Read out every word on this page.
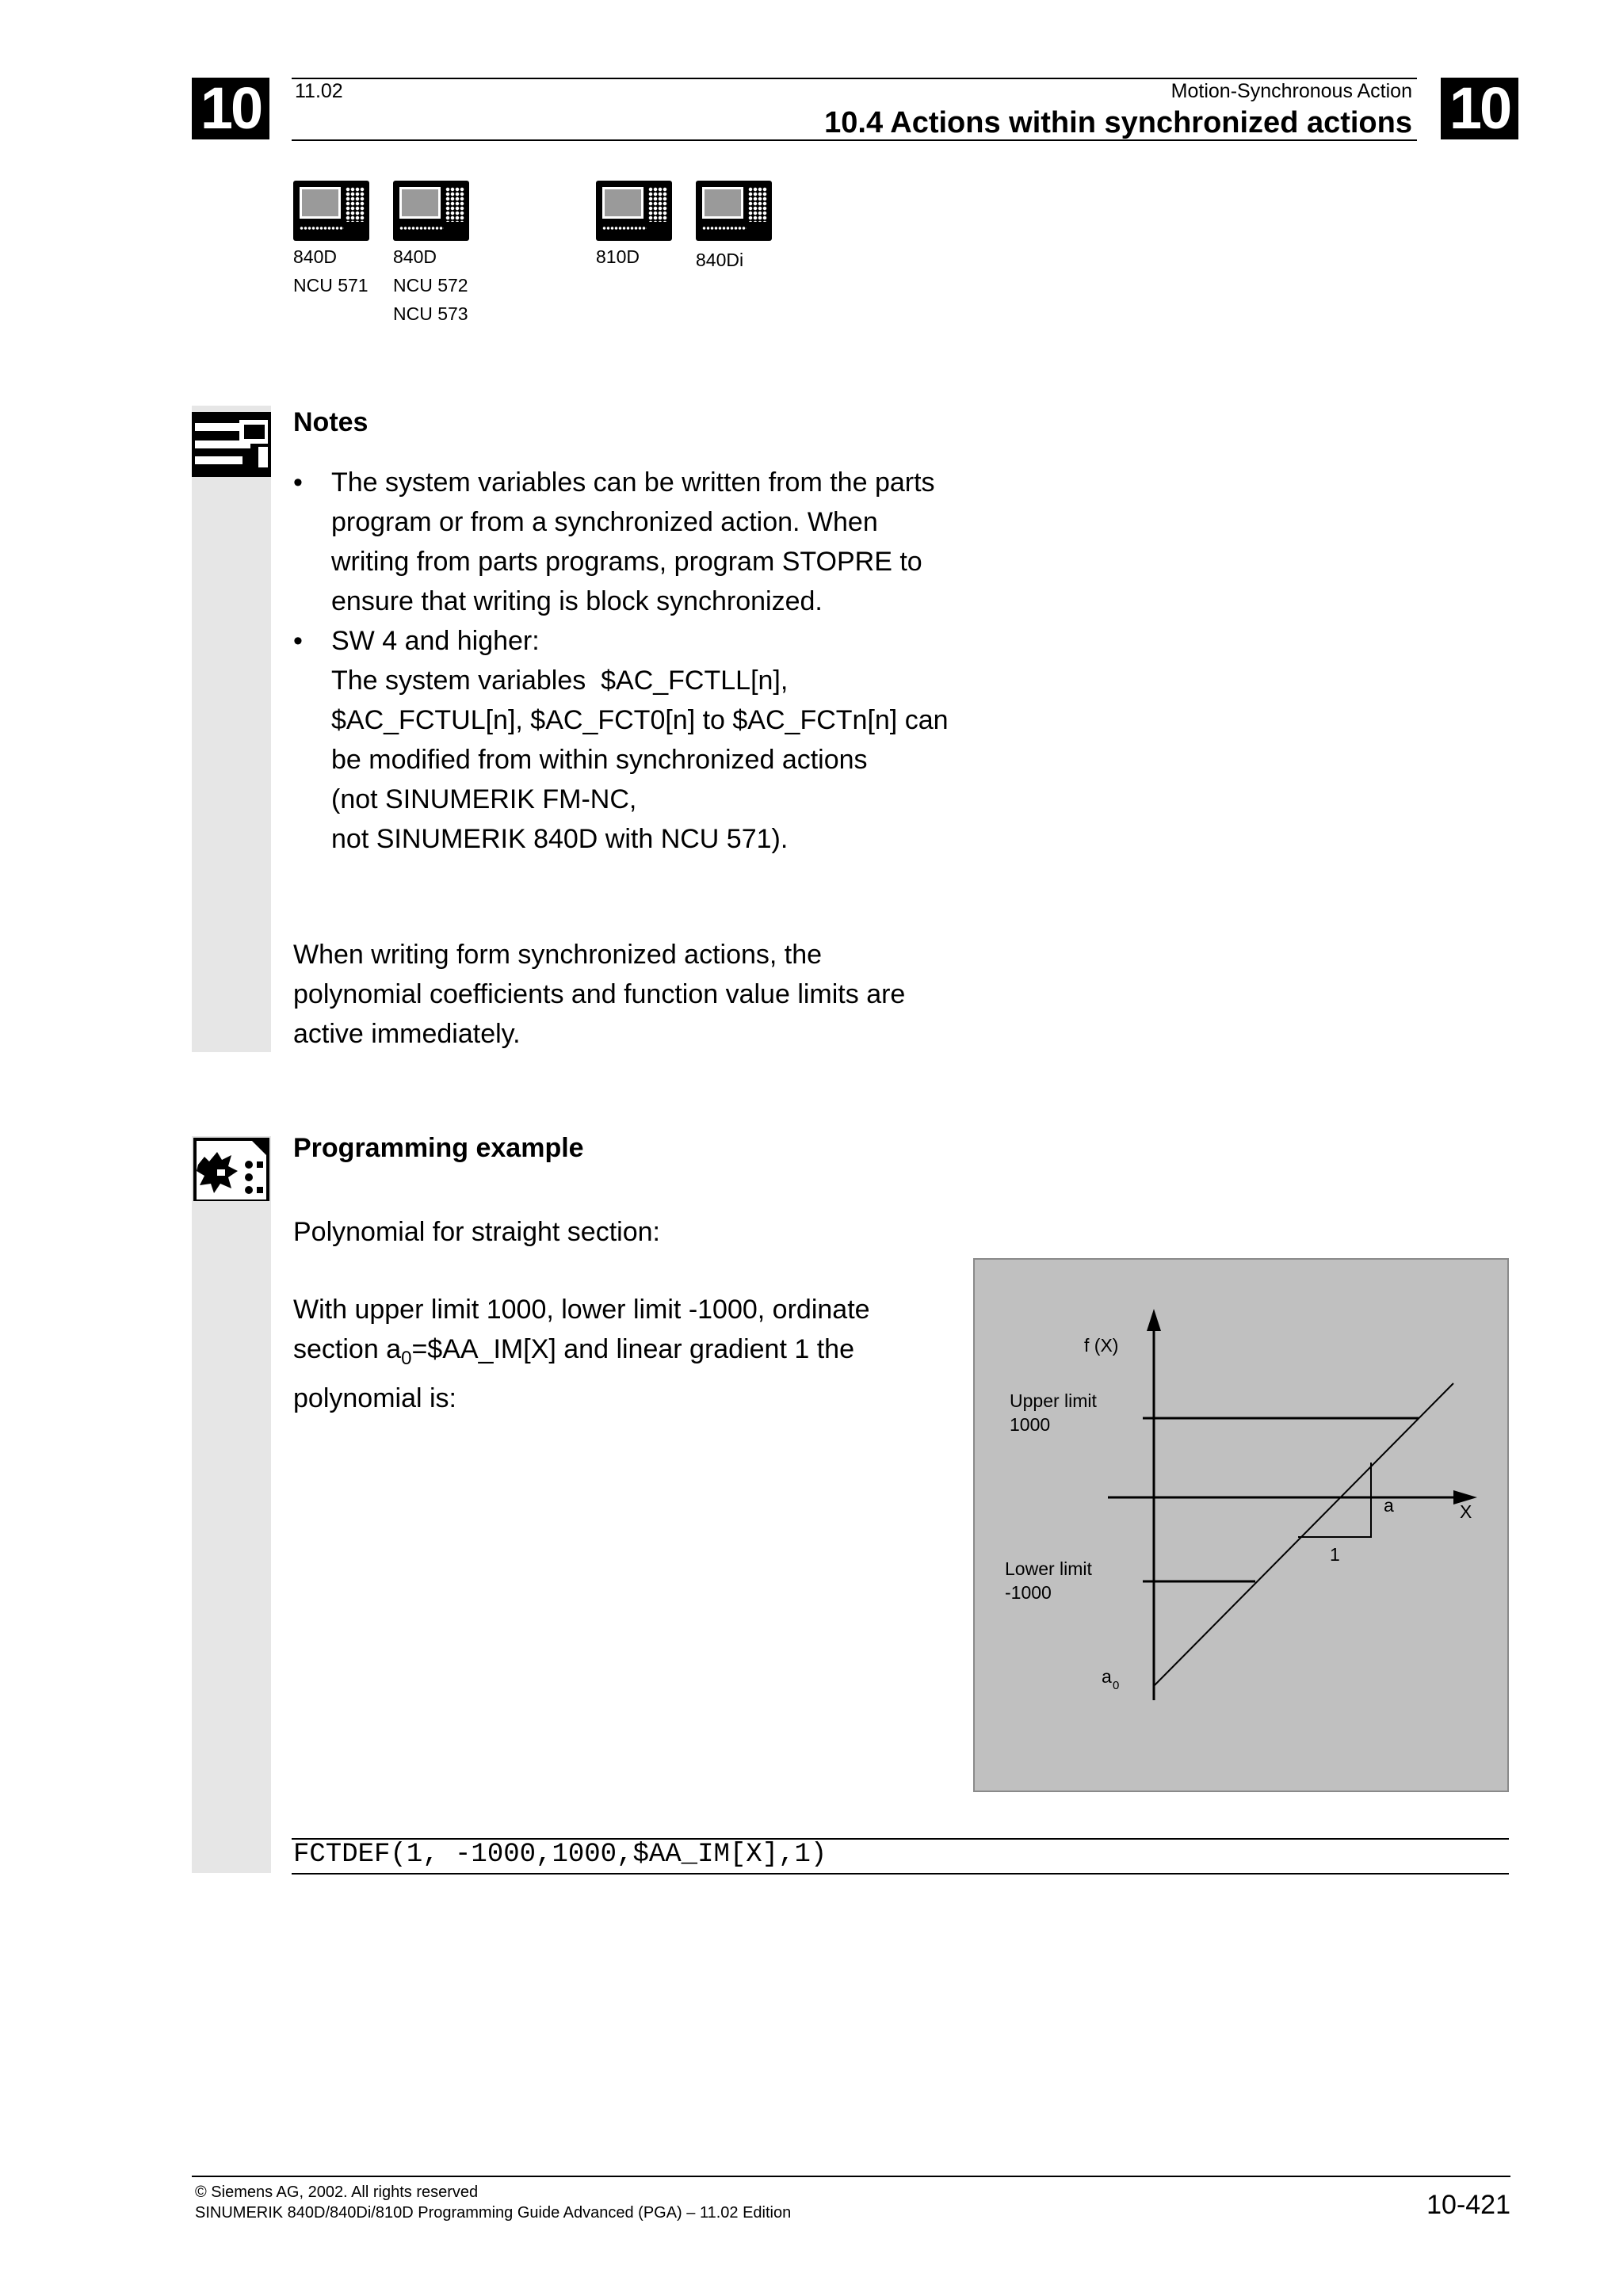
10	10
11.02	Motion-Synchronous Action
10.4 Actions within synchronized actions
840D
NCU 571
840D
NCU 572
NCU 573
810D	840Di
Notes
• The system variables can be written from the parts
program or from a synchronized action. When
writing from parts programs, program STOPRE to
ensure that writing is block synchronized.
• SW 4 and higher:
The system variables  $AC_FCTLL[n],
$AC_FCTUL[n], $AC_FCT0[n] to $AC_FCTn[n] can
be modified from within synchronized actions
(not SINUMERIK FM-NC,
not SINUMERIK 840D with NCU 571).
When writing form synchronized actions, the
polynomial coefficients and function value limits are
active immediately.
Programming example
Polynomial for straight section:
With upper limit 1000, lower limit -1000, ordinate
section $a_0=\$AA\_IM[X]$ and linear gradient 1 the
polynomial is:
f (X)
X
Upper limit
1000
Lower limit
-1000
a
1
a 0
FCTDEF(1, -1000,1000,$AA_IM[X],1)
© Siemens AG, 2002. All rights reserved
SINUMERIK 840D/840Di/810D Programming Guide Advanced (PGA) – 11.02 Edition	10-421
